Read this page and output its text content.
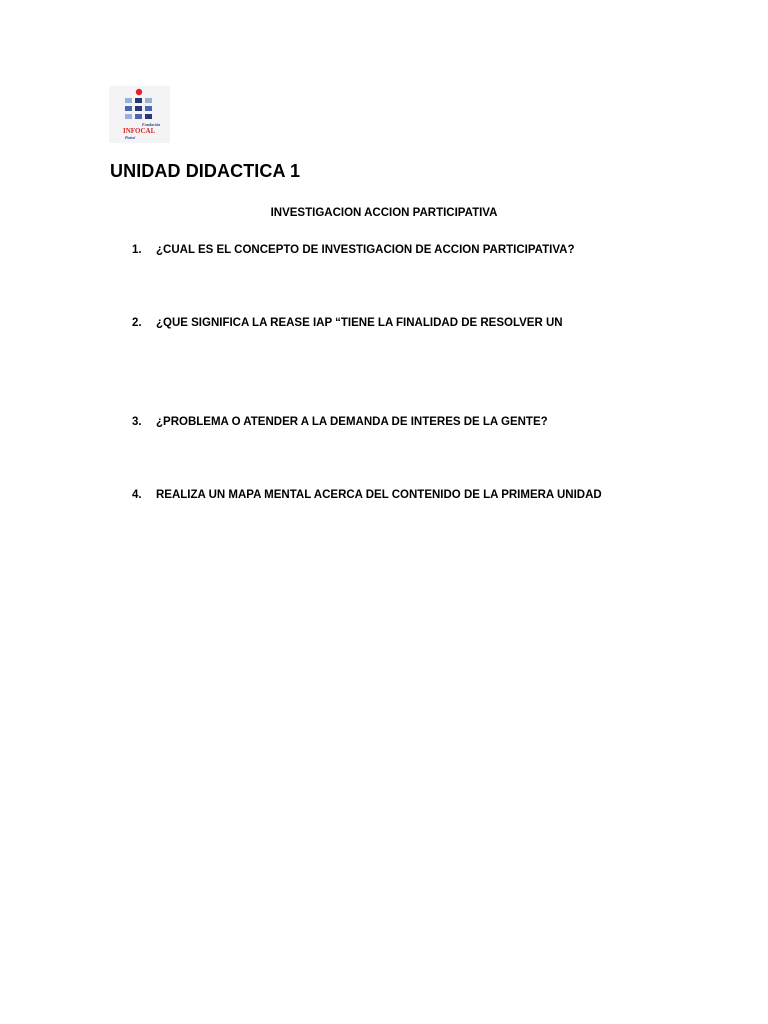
Fundación
INFOCAL
Potosí
UNIDAD DIDACTICA 1
INVESTIGACION ACCION PARTICIPATIVA
1. ¿CUAL ES EL CONCEPTO DE INVESTIGACION DE ACCION PARTICIPATIVA?
2. ¿QUE SIGNIFICA LA REASE IAP “TIENE LA FINALIDAD DE RESOLVER UN
3. ¿PROBLEMA O ATENDER A LA DEMANDA DE INTERES DE LA GENTE?
4. REALIZA UN MAPA MENTAL ACERCA DEL CONTENIDO DE LA PRIMERA UNIDAD
